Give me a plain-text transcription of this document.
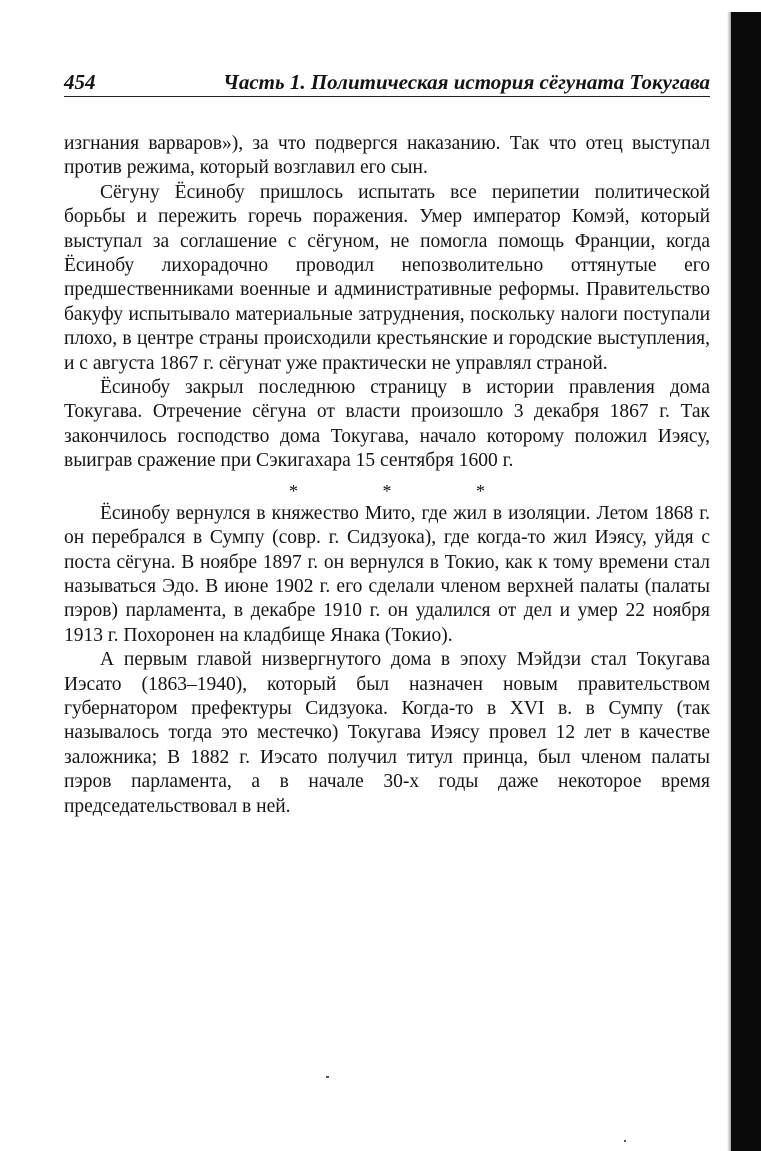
454	Часть 1. Политическая история сёгуната Токугава

изгнания варваров»), за что подвергся наказанию. Так что отец выступал против режима, который возглавил его сын.

Сёгуну Ёсинобу пришлось испытать все перипетии политической борьбы и пережить горечь поражения. Умер император Комэй, который выступал за соглашение с сёгуном, не помогла помощь Франции, когда Ёсинобу лихорадочно проводил непозволительно оттянутые его предшественниками военные и административные реформы. Правительство бакуфу испытывало материальные затруднения, поскольку налоги поступали плохо, в центре страны происходили крестьянские и городские выступления, и с августа 1867 г. сёгунат уже практически не управлял страной.

Ёсинобу закрыл последнюю страницу в истории правления дома Токугава. Отречение сёгуна от власти произошло 3 декабря 1867 г. Так закончилось господство дома Токугава, начало которому положил Иэясу, выиграв сражение при Сэкигахара 15 сентября 1600 г.

* * *

Ёсинобу вернулся в княжество Мито, где жил в изоляции. Летом 1868 г. он перебрался в Сумпу (совр. г. Сидзуока), где когда-то жил Иэясу, уйдя с поста сёгуна. В ноябре 1897 г. он вернулся в Токио, как к тому времени стал называться Эдо. В июне 1902 г. его сделали членом верхней палаты (палаты пэров) парламента, в декабре 1910 г. он удалился от дел и умер 22 ноября 1913 г. Похоронен на кладбище Янака (Токио).

А первым главой низвергнутого дома в эпоху Мэйдзи стал Токугава Иэсато (1863–1940), который был назначен новым правительством губернатором префектуры Сидзуока. Когда-то в XVI в. в Сумпу (так называлось тогда это местечко) Токугава Иэясу провел 12 лет в качестве заложника; В 1882 г. Иэсато получил титул принца, был членом палаты пэров парламента, а в начале 30-х годы даже некоторое время председательствовал в ней.
